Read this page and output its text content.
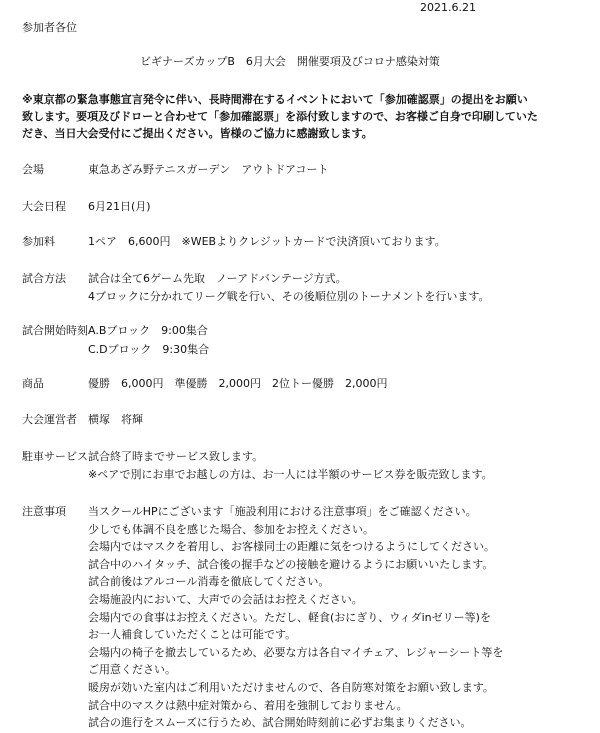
2021.6.21
参加者各位
ビギナーズカップB　6月大会　開催要項及びコロナ感染対策
※東京都の緊急事態宣言発令に伴い、長時間滞在するイベントにおいて「参加確認票」の提出をお願い
致します。要項及びドローと合わせて「参加確認票」を添付致しますので、お客様ご自身で印刷していた
だき、当日大会受付にご提出ください。皆様のご協力に感謝致します。
会場	東急あざみ野テニスガーデン　アウトドアコート
大会日程 6月21日(月)
参加料	1ペア　6,600円　※WEBよりクレジットカードで決済頂いております。
試合方法 試合は全て6ゲーム先取　ノーアドバンテージ方式。
4ブロックに分かれてリーグ戦を行い、その後順位別のトーナメントを行います。
試合開始時刻 A.Bブロック　9:00集合
C.Dブロック　9:30集合
商品	優勝　6,000円　準優勝　2,000円　2位トー優勝　2,000円
大会運営者 横塚　将輝
駐車サービス 試合終了時までサービス致します。
※ペアで別にお車でお越しの方は、お一人には半額のサービス券を販売致します。
注意事項 当スクールHPにございます「施設利用における注意事項」をご確認ください。
少しでも体調不良を感じた場合、参加をお控えください。
会場内ではマスクを着用し、お客様同士の距離に気をつけるようにしてください。
試合中のハイタッチ、試合後の握手などの接触を避けるようにお願いいたします。
試合前後はアルコール消毒を徹底してください。
会場施設内において、大声での会話はお控えください。
会場内での食事はお控えください。ただし、軽食(おにぎり、ウィダinゼリー等)を
お一人補食していただくことは可能です。
会場内の椅子を撤去しているため、必要な方は各自マイチェア、レジャーシート等を
ご用意ください。
暖房が効いた室内はご利用いただけませんので、各自防寒対策をお願い致します。
試合中のマスクは熱中症対策から、着用を強制しておりません。
試合の進行をスムーズに行うため、試合開始時刻前に必ずお集まりください。
